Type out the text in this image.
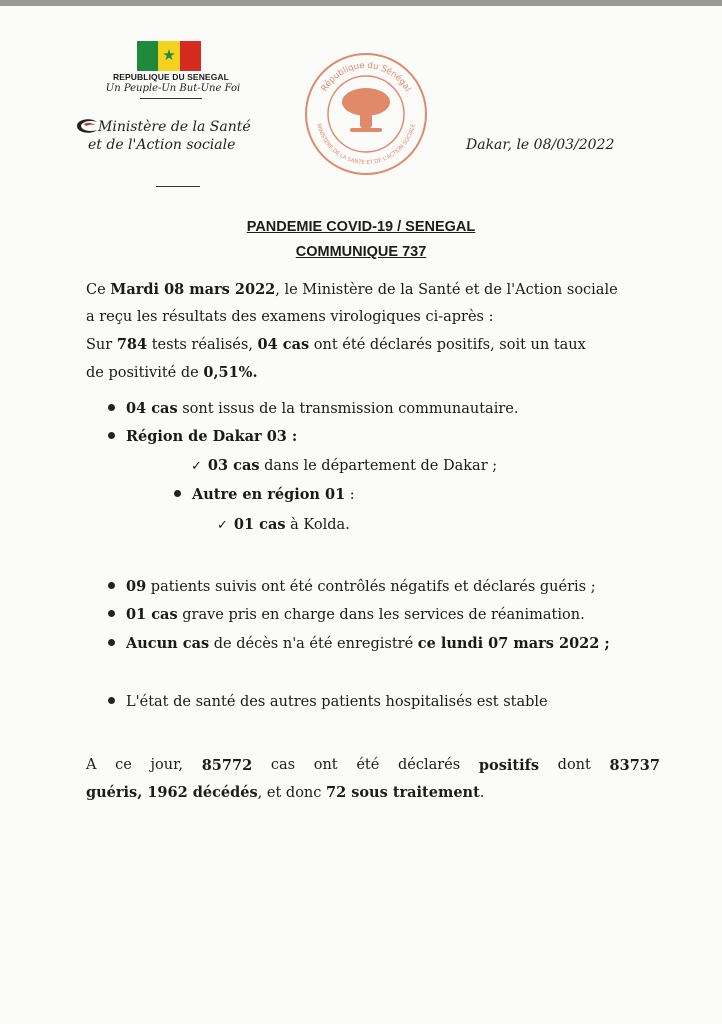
★
REPUBLIQUE DU SENEGAL
Un Peuple-Un But-Une Foi
Ministère de la Santé
et de l'Action sociale
République du Sénégal
MINISTERE DE LA SANTE ET DE L'ACTION SOCIALE
Dakar, le 08/03/2022
PANDEMIE COVID-19 / SENEGAL
COMMUNIQUE 737
Ce Mardi 08 mars 2022, le Ministère de la Santé et de l'Action sociale
a reçu les résultats des examens virologiques ci-après :
Sur 784 tests réalisés, 04 cas ont été déclarés positifs, soit un taux
de positivité de 0,51%.
04 cas sont issus de la transmission communautaire.
Région de Dakar 03 :
✓ 03 cas dans le département de Dakar ;
Autre en région 01 :
✓ 01 cas à Kolda.
09 patients suivis ont été contrôlés négatifs et déclarés guéris ;
01 cas grave pris en charge dans les services de réanimation.
Aucun cas de décès n'a été enregistré ce lundi 07 mars 2022 ;
L'état de santé des autres patients hospitalisés est stable
A ce jour, 85772 cas ont été déclarés positifs dont 83737
guéris, 1962 décédés, et donc 72 sous traitement.
